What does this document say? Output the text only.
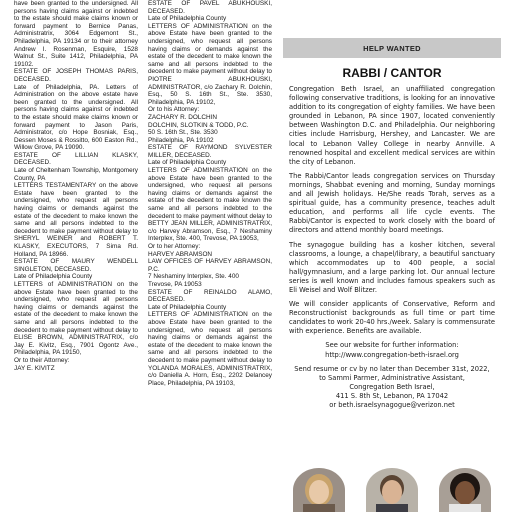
have been granted to the undersigned. All persons having claims against or indebted to the estate should make claims known or forward payment to Bernice Panas, Administratrix, 3064 Edgemont St., Philadelphia, PA 19134 or to their attorney Andrew I. Rosenman, Esquire, 1528 Walnut St., Suite 1412, Philadelphia, PA 19102.

ESTATE OF JOSEPH THOMAS PARIS, DECEASED.
Late of Philadelphia, PA. Letters of Administration on the above estate have been granted to the undersigned. All persons having claims against or indebted to the estate should make claims known or forward payment to Jason Paris, Administrator, c/o Hope Bosniak, Esq., Dessen Moses & Rossitto, 600 Easton Rd., Willow Grove, PA 19090.

ESTATE OF LILLIAN KLASKY, DECEASED.
Late of Cheltenham Township, Montgomery County, PA
LETTERS TESTAMENTARY on the above Estate have been granted to the undersigned, who request all persons having claims or demands against the estate of the decedent to make known the same and all persons indebted to the decedent to make payment without delay to SHERYL WEINER and ROBERT T. KLASKY, EXECUTORS, 7 Sima Rd. Holland, PA 18966.

ESTATE OF MAURY WENDELL SINGLETON, DECEASED.
Late of Philadelphia County
LETTERS of ADMINISTRATION on the above Estate have been granted to the undersigned, who request all persons having claims or demands against the estate of the decedent to make known the same and all persons indebted to the decedent to make payment without delay to ELISE BROWN, ADMINISTRATRIX, c/o Jay E. Kivitz, Esq., 7901 Ogontz Ave., Philadelphia, PA 19150,
Or to their Attorney:
JAY E. KIVITZ

ESTATE OF PAVEL ABUKHOUSKI, DECEASED.
Late of Philadelphia County
LETTERS OF ADMINISTRATION on the above Estate have been granted to the undersigned, who request all persons having claims or demands against the estate of the decedent to make known the same and all persons indebted to the decedent to make payment without delay to PIOTRE ABUKHOUSKI, ADMINISTRATOR, c/o Zachary R. Dolchin, Esq., 50 S. 16th St., Ste. 3530, Philadelphia, PA 19102,
Or to his Attorney:
ZACHARY R. DOLCHIN
DOLCHIN, SLOTKIN & TODD, P.C.
50 S. 16th St., Ste. 3530
Philadelphia, PA 19102

ESTATE OF RAYMOND SYLVESTER MILLER, DECEASED.
Late of Philadelphia County
LETTERS OF ADMINISTRATION on the above Estate have been granted to the undersigned, who request all persons having claims or demands against the estate of the decedent to make known the same and all persons indebted to the decedent to make payment without delay to BETTY JEAN MILLER, ADMINISTRATRIX, c/o Harvey Abramson, Esq., 7 Neshaminy Interplex, Ste. 400, Trevose, PA 19053,
Or to her Attorney:
HARVEY ABRAMSON
LAW OFFICES OF HARVEY ABRAMSON, P.C.
7 Neshaminy Interplex, Ste. 400
Trevose, PA 19053

ESTATE OF REINALDO ALAMO, DECEASED.
Late of Philadelphia County
LETTERS OF ADMINISTRATION on the above Estate have been granted to the undersigned, who request all persons having claims or demands against the estate of the decedent to make known the same and all persons indebted to the decedent to make payment without delay to YOLANDA MORALES, ADMINISTRATRIX, c/o Daniella A. Horn, Esq., 2202 Delancey Place, Philadelphia, PA 19103,

HELP WANTED
RABBI / CANTOR

Congregation Beth Israel, an unaffiliated congregation following conservative traditions, is looking for an innovative addition to its congregation of eighty families. We have been grounded in Lebanon, PA since 1907, located conveniently between Washington D.C. and Philadelphia. Our neighboring cities include Harrisburg, Hershey, and Lancaster. We are local to Lebanon Valley College in nearby Annville. A renowned hospital and excellent medical services are within the city of Lebanon.

The Rabbi/Cantor leads congregation services on Thursday mornings, Shabbat evening and morning, Sunday mornings and all Jewish holidays. He/She reads Torah, serves as a spiritual guide, has a community presence, teaches adult education, and performs all life cycle events. The Rabbi/Cantor is expected to work closely with the board of directors and attend monthly board meetings.

The synagogue building has a kosher kitchen, several classrooms, a lounge, a chapel/library, a beautiful sanctuary which accommodates up to 400 people, a social hall/gymnasium, and a large parking lot. Our annual lecture series is well known and includes famous speakers such as Eli Weisel and Wolf Blitzer.

We will consider applicants of Conservative, Reform and Reconstructionist backgrounds as full time or part time candidates to work 20-40 hrs./week. Salary is commensurate with experience. Benefits are available.

See our website for further information:
http://www.congregation-beth-israel.org
Send resume or cv by no later than December 31st, 2022,
to Sammi Parmer, Administrative Assistant,
Congregation Beth Israel,
411 S. 8th St, Lebanon, PA 17042
or beth.israelsynagogue@verizon.net
